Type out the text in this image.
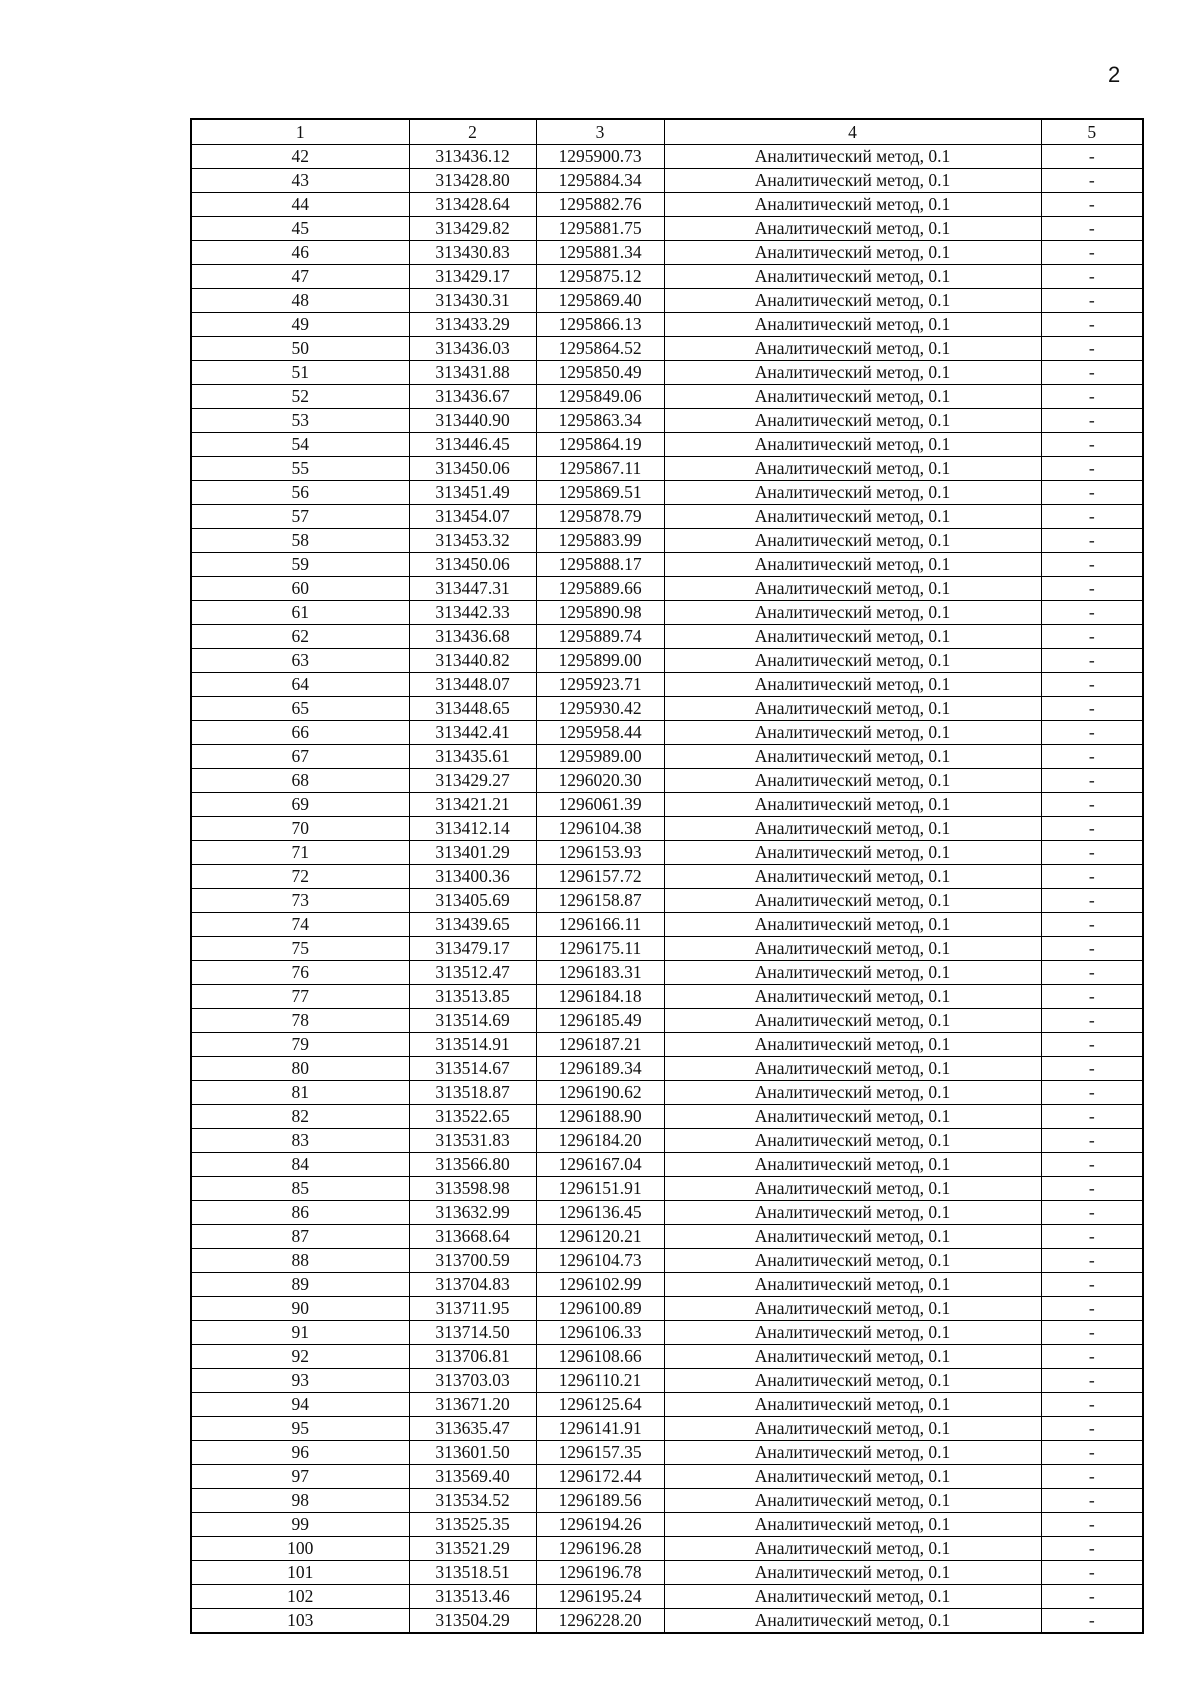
2
1	2	3	4	5
42	313436.12	1295900.73	Аналитический метод, 0.1	-
43	313428.80	1295884.34	Аналитический метод, 0.1	-
44	313428.64	1295882.76	Аналитический метод, 0.1	-
45	313429.82	1295881.75	Аналитический метод, 0.1	-
46	313430.83	1295881.34	Аналитический метод, 0.1	-
47	313429.17	1295875.12	Аналитический метод, 0.1	-
48	313430.31	1295869.40	Аналитический метод, 0.1	-
49	313433.29	1295866.13	Аналитический метод, 0.1	-
50	313436.03	1295864.52	Аналитический метод, 0.1	-
51	313431.88	1295850.49	Аналитический метод, 0.1	-
52	313436.67	1295849.06	Аналитический метод, 0.1	-
53	313440.90	1295863.34	Аналитический метод, 0.1	-
54	313446.45	1295864.19	Аналитический метод, 0.1	-
55	313450.06	1295867.11	Аналитический метод, 0.1	-
56	313451.49	1295869.51	Аналитический метод, 0.1	-
57	313454.07	1295878.79	Аналитический метод, 0.1	-
58	313453.32	1295883.99	Аналитический метод, 0.1	-
59	313450.06	1295888.17	Аналитический метод, 0.1	-
60	313447.31	1295889.66	Аналитический метод, 0.1	-
61	313442.33	1295890.98	Аналитический метод, 0.1	-
62	313436.68	1295889.74	Аналитический метод, 0.1	-
63	313440.82	1295899.00	Аналитический метод, 0.1	-
64	313448.07	1295923.71	Аналитический метод, 0.1	-
65	313448.65	1295930.42	Аналитический метод, 0.1	-
66	313442.41	1295958.44	Аналитический метод, 0.1	-
67	313435.61	1295989.00	Аналитический метод, 0.1	-
68	313429.27	1296020.30	Аналитический метод, 0.1	-
69	313421.21	1296061.39	Аналитический метод, 0.1	-
70	313412.14	1296104.38	Аналитический метод, 0.1	-
71	313401.29	1296153.93	Аналитический метод, 0.1	-
72	313400.36	1296157.72	Аналитический метод, 0.1	-
73	313405.69	1296158.87	Аналитический метод, 0.1	-
74	313439.65	1296166.11	Аналитический метод, 0.1	-
75	313479.17	1296175.11	Аналитический метод, 0.1	-
76	313512.47	1296183.31	Аналитический метод, 0.1	-
77	313513.85	1296184.18	Аналитический метод, 0.1	-
78	313514.69	1296185.49	Аналитический метод, 0.1	-
79	313514.91	1296187.21	Аналитический метод, 0.1	-
80	313514.67	1296189.34	Аналитический метод, 0.1	-
81	313518.87	1296190.62	Аналитический метод, 0.1	-
82	313522.65	1296188.90	Аналитический метод, 0.1	-
83	313531.83	1296184.20	Аналитический метод, 0.1	-
84	313566.80	1296167.04	Аналитический метод, 0.1	-
85	313598.98	1296151.91	Аналитический метод, 0.1	-
86	313632.99	1296136.45	Аналитический метод, 0.1	-
87	313668.64	1296120.21	Аналитический метод, 0.1	-
88	313700.59	1296104.73	Аналитический метод, 0.1	-
89	313704.83	1296102.99	Аналитический метод, 0.1	-
90	313711.95	1296100.89	Аналитический метод, 0.1	-
91	313714.50	1296106.33	Аналитический метод, 0.1	-
92	313706.81	1296108.66	Аналитический метод, 0.1	-
93	313703.03	1296110.21	Аналитический метод, 0.1	-
94	313671.20	1296125.64	Аналитический метод, 0.1	-
95	313635.47	1296141.91	Аналитический метод, 0.1	-
96	313601.50	1296157.35	Аналитический метод, 0.1	-
97	313569.40	1296172.44	Аналитический метод, 0.1	-
98	313534.52	1296189.56	Аналитический метод, 0.1	-
99	313525.35	1296194.26	Аналитический метод, 0.1	-
100	313521.29	1296196.28	Аналитический метод, 0.1	-
101	313518.51	1296196.78	Аналитический метод, 0.1	-
102	313513.46	1296195.24	Аналитический метод, 0.1	-
103	313504.29	1296228.20	Аналитический метод, 0.1	-
